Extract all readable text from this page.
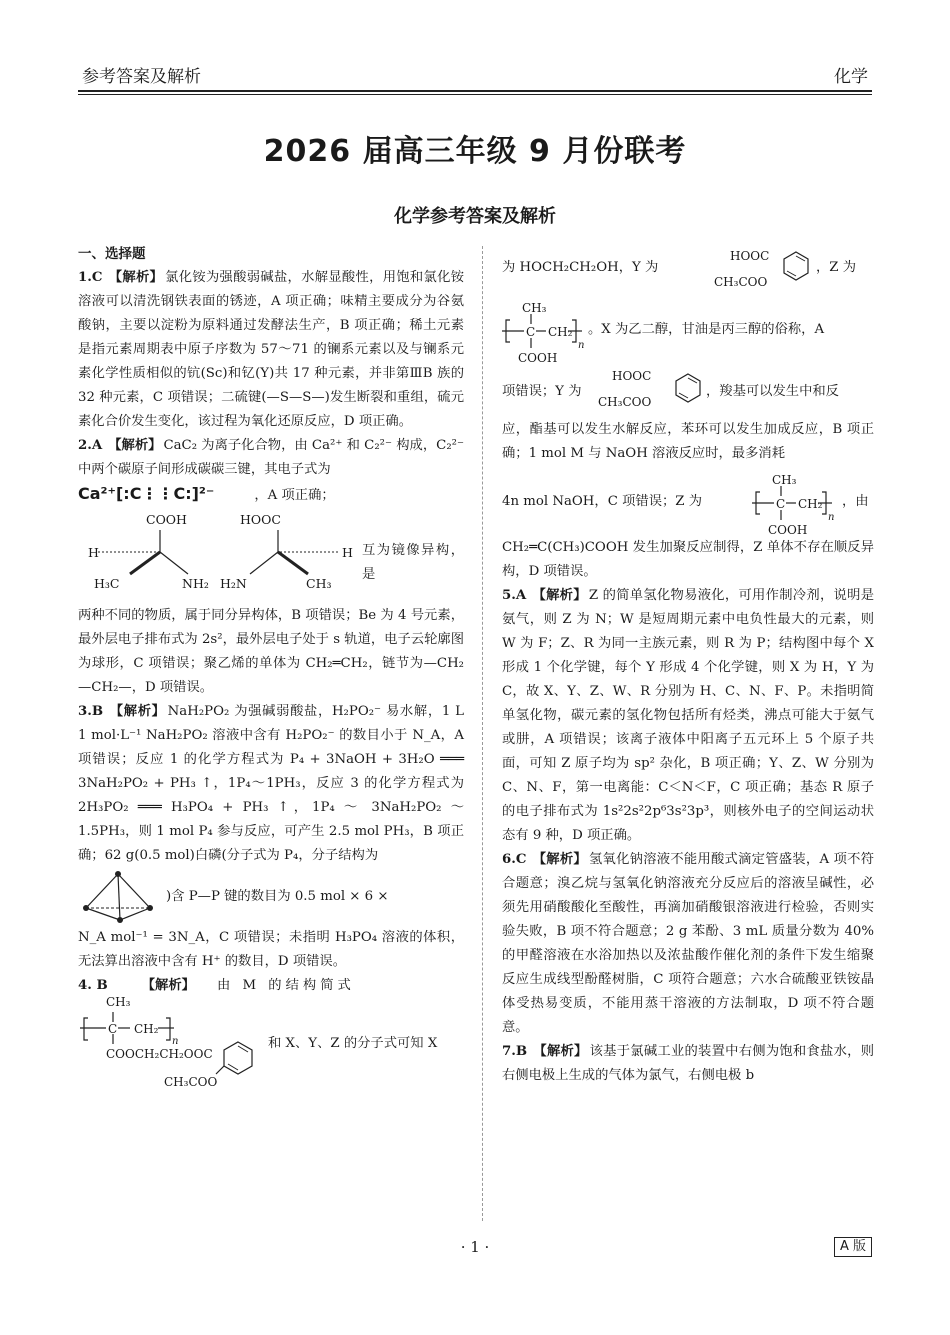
参考答案及解析	化学
2026 届高三年级 9 月份联考
化学参考答案及解析
一、选择题

1.C 【解析】 氯化铵为强酸弱碱盐，水解显酸性，用饱和氯化铵溶液可以清洗钢铁表面的锈迹，A 项正确；味精主要成分为谷氨酸钠，主要以淀粉为原料通过发酵法生产，B 项正确；稀土元素是指元素周期表中原子序数为 57～71 的镧系元素以及与镧系元素化学性质相似的钪(Sc)和钇(Y)共 17 种元素，并非第ⅢB 族的 32 种元素，C 项错误；二硫键(—S—S—)发生断裂和重组，硫元素化合价发生变化，该过程为氧化还原反应，D 项正确。

2.A 【解析】 CaC₂ 为离子化合物，由 Ca²⁺ 和 C₂²⁻ 构成，C₂²⁻ 中两个碳原子间形成碳碳三键，其电子式为
Ca²⁺[:C⋮⋮C:]²⁻	，A 项正确；

COOH	HOOC
H	H
H₃C	NH₂ H₂N	CH₃
互为镜像异构，是

两种不同的物质，属于同分异构体，B 项错误；Be 为 4 号元素，最外层电子排布式为 2s²，最外层电子处于 s 轨道，电子云轮廓图为球形，C 项错误；聚乙烯的单体为 CH₂═CH₂，链节为—CH₂—CH₂—，D 项错误。

3.B 【解析】 NaH₂PO₂ 为强碱弱酸盐，H₂PO₂⁻ 易水解，1 L 1 mol·L⁻¹ NaH₂PO₂ 溶液中含有 H₂PO₂⁻ 的数目小于 N_A，A 项错误；反应 1 的化学方程式为 P₄ + 3NaOH + 3H₂O ═══ 3NaH₂PO₂ + PH₃ ↑，1P₄～1PH₃，反应 3 的化学方程式为 2H₃PO₂ ═══ H₃PO₄ + PH₃ ↑，1P₄ ～ 3NaH₂PO₂ ～ 1.5PH₃，则 1 mol P₄ 参与反应，可产生 2.5 mol PH₃，B 项正确；62 g(0.5 mol)白磷(分子式为 P₄，分子结构为

)含 P—P 键的数目为 0.5 mol × 6 ×

N_A mol⁻¹ = 3N_A，C 项错误；未指明 H₃PO₄ 溶液的体积，无法算出溶液中含有 H⁺ 的数目，D 项错误。

4. B	【解析】 由 M 的结构简式

CH₃
C CH₂
n
COOCH₂CH₂OOC
CH₃COO
和 X、Y、Z 的分子式可知 X
为 HOCH₂CH₂OH，Y 为
HOOC
CH₃COO
，Z 为
CH₃
C CH₂
n
COOH
。X 为乙二醇，甘油是丙三醇的俗称，A
项错误；Y 为
HOOC
CH₃COO
，羧基可以发生中和反

应，酯基可以发生水解反应，苯环可以发生加成反应，B 项正确；1 mol M 与 NaOH 溶液反应时，最多消耗

4n mol NaOH，C 项错误；Z 为
CH₃
C CH₂
n
COOH
，由

CH₂═C(CH₃)COOH 发生加聚反应制得，Z 单体不存在顺反异构，D 项错误。

5.A 【解析】 Z 的简单氢化物易液化，可用作制冷剂，说明是氨气，则 Z 为 N；W 是短周期元素中电负性最大的元素，则 W 为 F；Z、R 为同一主族元素，则 R 为 P；结构图中每个 X 形成 1 个化学键，每个 Y 形成 4 个化学键，则 X 为 H，Y 为 C，故 X、Y、Z、W、R 分别为 H、C、N、F、P。未指明简单氢化物，碳元素的氢化物包括所有烃类，沸点可能大于氨气或肼，A 项错误；该离子液体中阳离子五元环上 5 个原子共面，可知 Z 原子均为 sp² 杂化，B 项正确；Y、Z、W 分别为 C、N、F，第一电离能：C＜N＜F，C 项正确；基态 R 原子的电子排布式为 1s²2s²2p⁶3s²3p³，则核外电子的空间运动状态有 9 种，D 项正确。

6.C 【解析】 氢氧化钠溶液不能用酸式滴定管盛装，A 项不符合题意；溴乙烷与氢氧化钠溶液充分反应后的溶液呈碱性，必须先用硝酸酸化至酸性，再滴加硝酸银溶液进行检验，否则实验失败，B 项不符合题意；2 g 苯酚、3 mL 质量分数为 40% 的甲醛溶液在水浴加热以及浓盐酸作催化剂的条件下发生缩聚反应生成线型酚醛树脂，C 项符合题意；六水合硫酸亚铁铵晶体受热易变质，不能用蒸干溶液的方法制取，D 项不符合题意。

7.B 【解析】 该基于氯碱工业的装置中右侧为饱和食盐水，则右侧电极上生成的气体为氯气，右侧电极 b

· 1 ·	A 版
